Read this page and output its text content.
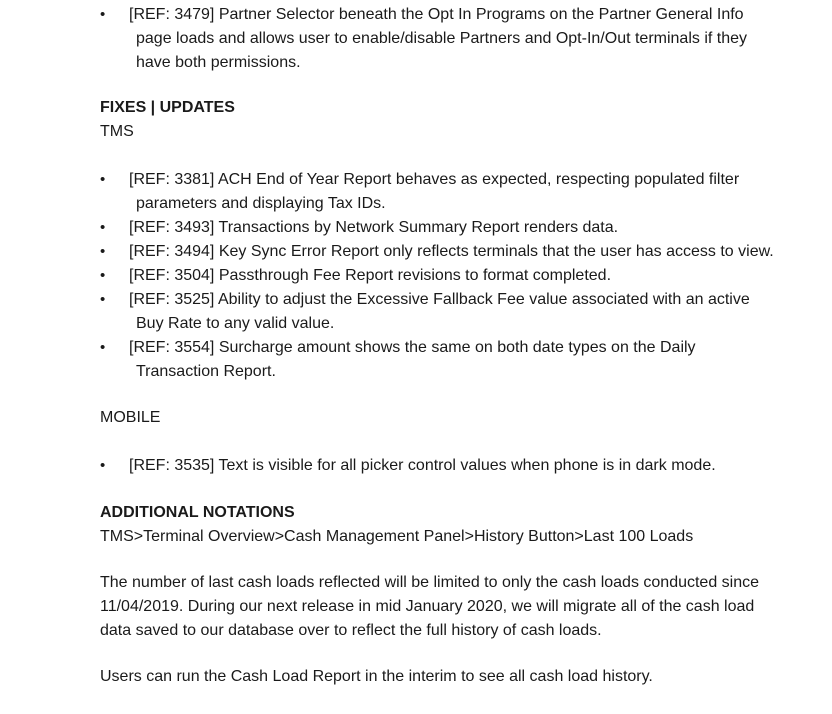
• [REF: 3479] Partner Selector beneath the Opt In Programs on the Partner General Info
page loads and allows user to enable/disable Partners and Opt-In/Out terminals if they
have both permissions.
FIXES | UPDATES
TMS
• [REF: 3381] ACH End of Year Report behaves as expected, respecting populated filter
parameters and displaying Tax IDs.
• [REF: 3493] Transactions by Network Summary Report renders data.
• [REF: 3494] Key Sync Error Report only reflects terminals that the user has access to view.
• [REF: 3504] Passthrough Fee Report revisions to format completed.
• [REF: 3525] Ability to adjust the Excessive Fallback Fee value associated with an active
Buy Rate to any valid value.
• [REF: 3554] Surcharge amount shows the same on both date types on the Daily
Transaction Report.
MOBILE
• [REF: 3535] Text is visible for all picker control values when phone is in dark mode.
ADDITIONAL NOTATIONS
TMS>Terminal Overview>Cash Management Panel>History Button>Last 100 Loads
The number of last cash loads reflected will be limited to only the cash loads conducted since
11/04/2019. During our next release in mid January 2020, we will migrate all of the cash load
data saved to our database over to reflect the full history of cash loads.
Users can run the Cash Load Report in the interim to see all cash load history.
